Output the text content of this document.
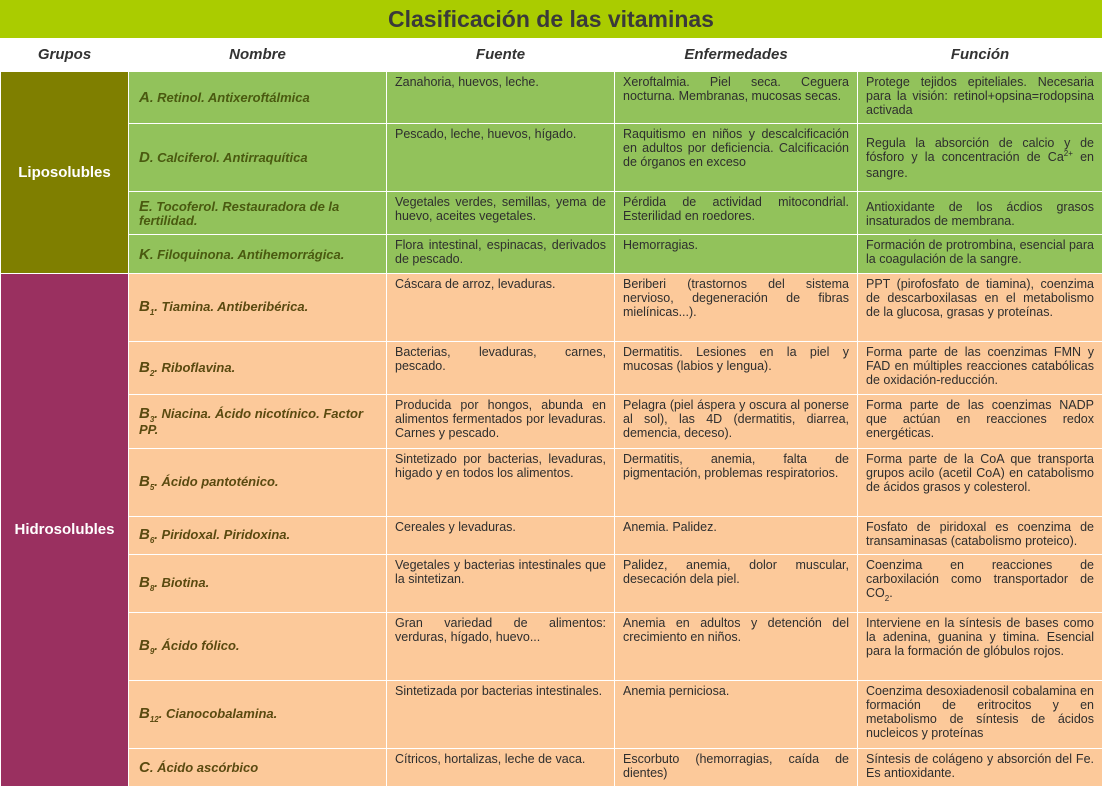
Clasificación de las vitaminas
Grupos	Nombre	Fuente	Enfermedades	Función
Liposolubles	A. Retinol. Antixeroftálmica	Zanahoria, huevos, leche.	Xeroftalmia. Piel seca. Ceguera nocturna. Membranas, mucosas secas.	Protege tejidos epiteliales. Necesaria para la visión: retinol+opsina=rodopsina activada
	D. Calciferol. Antirraquítica	Pescado, leche, huevos, hígado.	Raquitismo en niños y descalcificación en adultos por deficiencia. Calcificación de órganos en exceso	Regula la absorción de calcio y de fósforo y la concentración de $Ca^{2+}$ en sangre.
	E. Tocoferol. Restauradora de la fertilidad.	Vegetales verdes, semillas, yema de huevo, aceites vegetales.	Pérdida de actividad mitocondrial. Esterilidad en roedores.	Antioxidante de los ácdios grasos insaturados de membrana.
	K. Filoquinona. Antihemorrágica.	Flora intestinal, espinacas, derivados de pescado.	Hemorragias.	Formación de protrombina, esencial para la coagulación de la sangre.
Hidrosolubles	$B_1$. Tiamina. Antiberibérica.	Cáscara de arroz, levaduras.	Beriberi (trastornos del sistema nervioso, degeneración de fibras mielínicas...).	PPT (pirofosfato de tiamina), coenzima de descarboxilasas en el metabolismo de la glucosa, grasas y proteínas.
	$B_2$. Riboflavina.	Bacterias, levaduras, carnes, pescado.	Dermatitis. Lesiones en la piel y mucosas (labios y lengua).	Forma parte de las coenzimas FMN y FAD en múltiples reacciones catabólicas de oxidación-reducción.
	$B_3$. Niacina. Ácido nicotínico. Factor PP.	Producida por hongos, abunda en alimentos fermentados por levaduras. Carnes y pescado.	Pelagra (piel áspera y oscura al ponerse al sol), las 4D (dermatitis, diarrea, demencia, deceso).	Forma parte de las coenzimas NADP que actúan en reacciones redox energéticas.
	$B_5$. Ácido pantoténico.	Sintetizado por bacterias, levaduras, higado y en todos los alimentos.	Dermatitis, anemia, falta de pigmentación, problemas respiratorios.	Forma parte de la CoA que transporta grupos acilo (acetil CoA) en catabolismo de ácidos grasos y colesterol.
	$B_6$. Piridoxal. Piridoxina.	Cereales y levaduras.	Anemia. Palidez.	Fosfato de piridoxal es coenzima de transaminasas (catabolismo proteico).
	$B_8$. Biotina.	Vegetales y bacterias intestinales que la sintetizan.	Palidez, anemia, dolor muscular, desecación dela piel.	Coenzima en reacciones de carboxilación como transportador de $CO_2$.
	$B_9$. Ácido fólico.	Gran variedad de alimentos: verduras, hígado, huevo...	Anemia en adultos y detención del crecimiento en niños.	Interviene en la síntesis de bases como la adenina, guanina y timina. Esencial para la formación de glóbulos rojos.
	$B_{12}$. Cianocobalamina.	Sintetizada por bacterias intestinales.	Anemia perniciosa.	Coenzima desoxiadenosil cobalamina en formación de eritrocitos y en metabolismo de síntesis de ácidos nucleicos y proteínas
	C. Ácido ascórbico	Cítricos, hortalizas, leche de vaca.	Escorbuto (hemorragias, caída de dientes)	Síntesis de colágeno y absorción del Fe. Es antioxidante.
